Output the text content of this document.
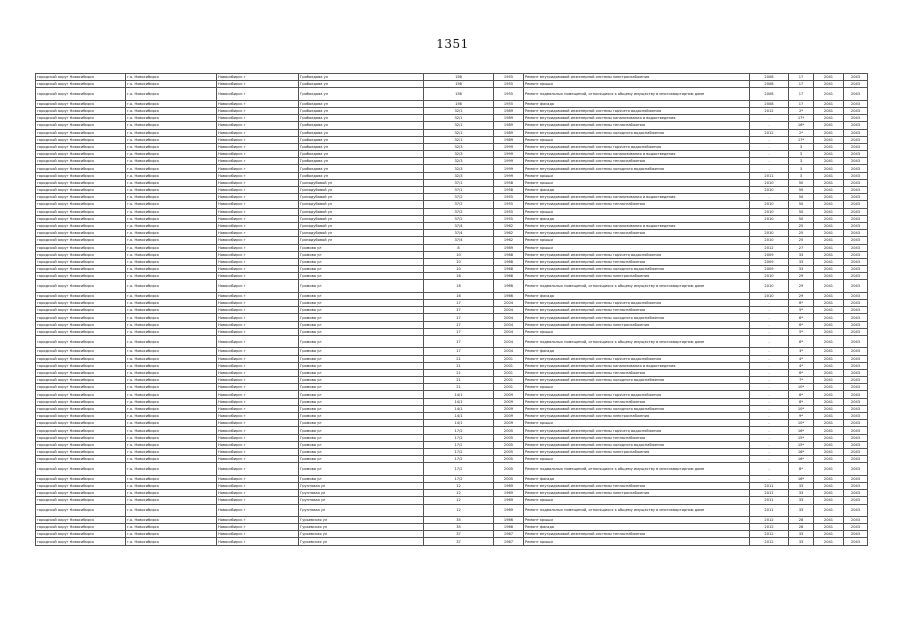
1351
городской округ Новосибирск	г.о. Новосибирск	Новосибирск г	Грибоедова ул	15б	1955	Ремонт внутридомовой инженерной системы электроснабжения	2008	17	2041	2043
городской округ Новосибирск	г.о. Новосибирск	Новосибирск г	Грибоедова ул	15б	1955	Ремонт крыши	2008	17	2041	2043
городской округ Новосибирск	г.о. Новосибирск	Новосибирск г	Грибоедова ул	15б	1955	Ремонт подвальных помещений, относящихся к общему имуществу в многоквартирном доме	2008	17	2041	2043
городской округ Новосибирск	г.о. Новосибирск	Новосибирск г	Грибоедова ул	15б	1955	Ремонт фасада	2008	17	2041	2043
городской округ Новосибирск	г.о. Новосибирск	Новосибирск г	Грибоедова ул	32/1	1989	Ремонт внутридомовой инженерной системы горячего водоснабжения	2012	2*	2041	2043
городской округ Новосибирск	г.о. Новосибирск	Новосибирск г	Грибоедова ул	32/1	1989	Ремонт внутридомовой инженерной системы канализования и водоотведения	-	17*	2041	2043
городской округ Новосибирск	г.о. Новосибирск	Новосибирск г	Грибоедова ул	32/1	1989	Ремонт внутридомовой инженерной системы теплоснабжения	-	16*	2041	2043
городской округ Новосибирск	г.о. Новосибирск	Новосибирск г	Грибоедова ул	32/1	1989	Ремонт внутридомовой инженерной системы холодного водоснабжения	2012	2*	2041	2043
городской округ Новосибирск	г.о. Новосибирск	Новосибирск г	Грибоедова ул	32/1	1989	Ремонт крыши	-	17*	2041	2043
городской округ Новосибирск	г.о. Новосибирск	Новосибирск г	Грибоедова ул	32/3	1999	Ремонт внутридомовой инженерной системы горячего водоснабжения	-	3	2041	2043
городской округ Новосибирск	г.о. Новосибирск	Новосибирск г	Грибоедова ул	32/3	1999	Ремонт внутридомовой инженерной системы канализования и водоотведения	-	3	2041	2043
городской округ Новосибирск	г.о. Новосибирск	Новосибирск г	Грибоедова ул	32/3	1999	Ремонт внутридомовой инженерной системы теплоснабжения	-	3	2041	2043
городской округ Новосибирск	г.о. Новосибирск	Новосибирск г	Грибоедова ул	32/3	1999	Ремонт внутридомовой инженерной системы холодного водоснабжения	-	3	2041	2043
городской округ Новосибирск	г.о. Новосибирск	Новосибирск г	Грибоедова ул	32/3	1999	Ремонт крыши	2011	3	2041	2043
городской округ Новосибирск	г.о. Новосибирск	Новосибирск г	Гризодубовой ул	37/1	1958	Ремонт крыши	2010	50	2041	2043
городской округ Новосибирск	г.о. Новосибирск	Новосибирск г	Гризодубовой ул	37/1	1958	Ремонт фасада	2010	50	2041	2043
городской округ Новосибирск	г.о. Новосибирск	Новосибирск г	Гризодубовой ул	37/2	1955	Ремонт внутридомовой инженерной системы канализования и водоотведения	-	50	2041	2043
городской округ Новосибирск	г.о. Новосибирск	Новосибирск г	Гризодубовой ул	37/2	1955	Ремонт внутридомовой инженерной системы теплоснабжения	2010	50	2041	2043
городской округ Новосибирск	г.о. Новосибирск	Новосибирск г	Гризодубовой ул	37/2	1955	Ремонт крыши	2010	50	2041	2043
городской округ Новосибирск	г.о. Новосибирск	Новосибирск г	Гризодубовой ул	37/2	1955	Ремонт фасада	2010	50	2041	2043
городской округ Новосибирск	г.о. Новосибирск	Новосибирск г	Гризодубовой ул	37/4	1962	Ремонт внутридомовой инженерной системы канализования и водоотведения	-	25	2041	2043
городской округ Новосибирск	г.о. Новосибирск	Новосибирск г	Гризодубовой ул	37/4	1962	Ремонт внутридомовой инженерной системы теплоснабжения	2010	25	2041	2043
городской округ Новосибирск	г.о. Новосибирск	Новосибирск г	Гризодубовой ул	37/4	1962	Ремонт крыши	2010	25	2041	2043
городской округ Новосибирск	г.о. Новосибирск	Новосибирск г	Громова ул	8	1989	Ремонт крыши	2012	27	2041	2043
городской округ Новосибирск	г.о. Новосибирск	Новосибирск г	Громова ул	10	1968	Ремонт внутридомовой инженерной системы горячего водоснабжения	2009	33	2041	2043
городской округ Новосибирск	г.о. Новосибирск	Новосибирск г	Громова ул	10	1968	Ремонт внутридомовой инженерной системы теплоснабжения	2009	33	2041	2043
городской округ Новосибирск	г.о. Новосибирск	Новосибирск г	Громова ул	10	1968	Ремонт внутридомовой инженерной системы холодного водоснабжения	2009	33	2041	2043
городской округ Новосибирск	г.о. Новосибирск	Новосибирск г	Громова ул	16	1966	Ремонт внутридомовой инженерной системы электроснабжения	2010	29	2041	2043
городской округ Новосибирск	г.о. Новосибирск	Новосибирск г	Громова ул	16	1966	Ремонт подвальных помещений, относящихся к общему имуществу в многоквартирном доме	2010	29	2041	2043
городской округ Новосибирск	г.о. Новосибирск	Новосибирск г	Громова ул	16	1966	Ремонт фасада	2010	29	2041	2043
городской округ Новосибирск	г.о. Новосибирск	Новосибирск г	Громова ул	17	2004	Ремонт внутридомовой инженерной системы горячего водоснабжения	-	6*	2041	2043
городской округ Новосибирск	г.о. Новосибирск	Новосибирск г	Громова ул	17	2004	Ремонт внутридомовой инженерной системы теплоснабжения	-	5*	2041	2043
городской округ Новосибирск	г.о. Новосибирск	Новосибирск г	Громова ул	17	2004	Ремонт внутридомовой инженерной системы холодного водоснабжения	-	6*	2041	2043
городской округ Новосибирск	г.о. Новосибирск	Новосибирск г	Громова ул	17	2004	Ремонт внутридомовой инженерной системы электроснабжения	-	6*	2041	2043
городской округ Новосибирск	г.о. Новосибирск	Новосибирск г	Громова ул	17	2004	Ремонт крыши	-	5*	2041	2043
городской округ Новосибирск	г.о. Новосибирск	Новосибирск г	Громова ул	17	2004	Ремонт подвальных помещений, относящихся к общему имуществу в многоквартирном доме	-	6*	2041	2043
городской округ Новосибирск	г.о. Новосибирск	Новосибирск г	Громова ул	17	2004	Ремонт фасада	-	3*	2041	2043
городской округ Новосибирск	г.о. Новосибирск	Новосибирск г	Громова ул	21	2001	Ремонт внутридомовой инженерной системы горячего водоснабжения	-	4*	2041	2043
городской округ Новосибирск	г.о. Новосибирск	Новосибирск г	Громова ул	21	2001	Ремонт внутридомовой инженерной системы канализования и водоотведения	-	4*	2041	2043
городской округ Новосибирск	г.о. Новосибирск	Новосибирск г	Громова ул	21	2001	Ремонт внутридомовой инженерной системы теплоснабжения	-	6*	2041	2043
городской округ Новосибирск	г.о. Новосибирск	Новосибирск г	Громова ул	21	2001	Ремонт внутридомовой инженерной системы холодного водоснабжения	-	7*	2041	2043
городской округ Новосибирск	г.о. Новосибирск	Новосибирск г	Громова ул	21	2001	Ремонт крыши	-	10*	2041	2043
городской округ Новосибирск	г.о. Новосибирск	Новосибирск г	Громова ул	14/1	2009	Ремонт внутридомовой инженерной системы горячего водоснабжения	-	6*	2041	2043
городской округ Новосибирск	г.о. Новосибирск	Новосибирск г	Громова ул	14/1	2009	Ремонт внутридомовой инженерной системы теплоснабжения	-	8*	2041	2043
городской округ Новосибирск	г.о. Новосибирск	Новосибирск г	Громова ул	14/1	2009	Ремонт внутридомовой инженерной системы холодного водоснабжения	-	10*	2041	2043
городской округ Новосибирск	г.о. Новосибирск	Новосибирск г	Громова ул	14/1	2009	Ремонт внутридомовой инженерной системы электроснабжения	-	9*	2041	2043
городской округ Новосибирск	г.о. Новосибирск	Новосибирск г	Громова ул	14/1	2009	Ремонт крыши	-	10*	2041	2043
городской округ Новосибирск	г.о. Новосибирск	Новосибирск г	Громова ул	17/2	2005	Ремонт внутридомовой инженерной системы горячего водоснабжения	-	16*	2041	2043
городской округ Новосибирск	г.о. Новосибирск	Новосибирск г	Громова ул	17/2	2005	Ремонт внутридомовой инженерной системы теплоснабжения	-	15*	2041	2043
городской округ Новосибирск	г.о. Новосибирск	Новосибирск г	Громова ул	17/2	2005	Ремонт внутридомовой инженерной системы холодного водоснабжения	-	15*	2041	2043
городской округ Новосибирск	г.о. Новосибирск	Новосибирск г	Громова ул	17/2	2005	Ремонт внутридомовой инженерной системы электроснабжения	-	16*	2041	2043
городской округ Новосибирск	г.о. Новосибирск	Новосибирск г	Громова ул	17/2	2005	Ремонт крыши	-	16*	2041	2043
городской округ Новосибирск	г.о. Новосибирск	Новосибирск г	Громова ул	17/2	2005	Ремонт подвальных помещений, относящихся к общему имуществу в многоквартирном доме	-	8*	2041	2043
городской округ Новосибирск	г.о. Новосибирск	Новосибирск г	Громова ул	17/2	2005	Ремонт фасада	-	16*	2041	2043
городской округ Новосибирск	г.о. Новосибирск	Новосибирск г	Грунтовая ул	12	1969	Ремонт внутридомовой инженерной системы теплоснабжения	2011	33	2041	2043
городской округ Новосибирск	г.о. Новосибирск	Новосибирск г	Грунтовая ул	12	1969	Ремонт внутридомовой инженерной системы электроснабжения	2011	33	2041	2043
городской округ Новосибирск	г.о. Новосибирск	Новосибирск г	Грунтовая ул	12	1969	Ремонт крыши	2011	33	2041	2043
городской округ Новосибирск	г.о. Новосибирск	Новосибирск г	Грунтовая ул	12	1969	Ремонт подвальных помещений, относящихся к общему имуществу в многоквартирном доме	2011	33	2041	2043
городской округ Новосибирск	г.о. Новосибирск	Новосибирск г	Гурьевская ул	35	1966	Ремонт крыши	2012	28	2041	2043
городской округ Новосибирск	г.о. Новосибирск	Новосибирск г	Гурьевская ул	35	1966	Ремонт фасада	2012	28	2041	2043
городской округ Новосибирск	г.о. Новосибирск	Новосибирск г	Гурьевская ул	37	1967	Ремонт внутридомовой инженерной системы теплоснабжения	2012	33	2041	2043
городской округ Новосибирск	г.о. Новосибирск	Новосибирск г	Гурьевская ул	37	1967	Ремонт крыши	2012	33	2041	2043
